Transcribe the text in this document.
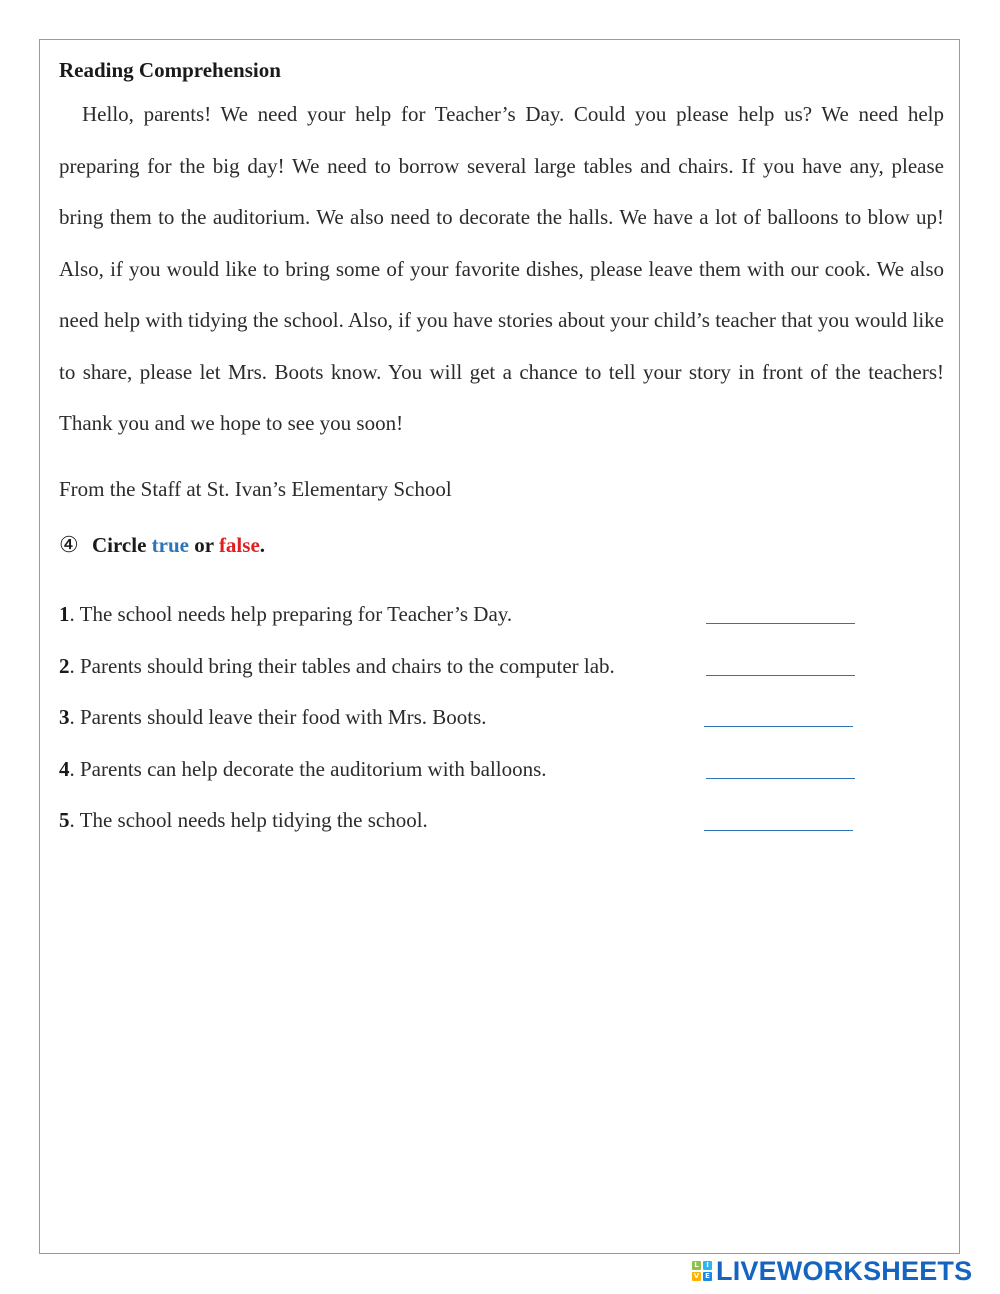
Reading Comprehension

Hello, parents! We need your help for Teacher’s Day. Could you please help us? We need help preparing for the big day! We need to borrow several large tables and chairs. If you have any, please bring them to the auditorium. We also need to decorate the halls. We have a lot of balloons to blow up! Also, if you would like to bring some of your favorite dishes, please leave them with our cook. We also need help with tidying the school. Also, if you have stories about your child’s teacher that you would like to share, please let Mrs. Boots know. You will get a chance to tell your story in front of the teachers! Thank you and we hope to see you soon!

From the Staff at St. Ivan’s Elementary School
④ Circle true or false.
1. The school needs help preparing for Teacher’s Day.
2. Parents should bring their tables and chairs to the computer lab.
3. Parents should leave their food with Mrs. Boots.
4. Parents can help decorate the auditorium with balloons.
5. The school needs help tidying the school.
L	I
V E LIVEWORKSHEETS
